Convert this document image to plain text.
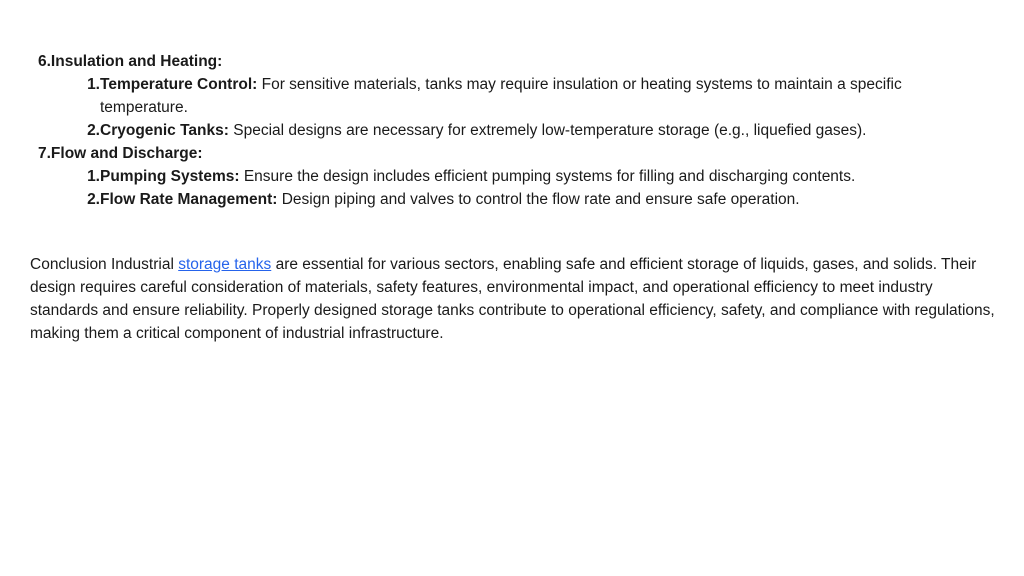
6.Insulation and Heating:
1. Temperature Control: For sensitive materials, tanks may require insulation or heating systems to maintain a specific temperature.
2. Cryogenic Tanks: Special designs are necessary for extremely low-temperature storage (e.g., liquefied gases).
7.Flow and Discharge:
1. Pumping Systems: Ensure the design includes efficient pumping systems for filling and discharging contents.
2. Flow Rate Management: Design piping and valves to control the flow rate and ensure safe operation.

Conclusion Industrial storage tanks are essential for various sectors, enabling safe and efficient storage of liquids, gases, and solids. Their design requires careful consideration of materials, safety features, environmental impact, and operational efficiency to meet industry standards and ensure reliability. Properly designed storage tanks contribute to operational efficiency, safety, and compliance with regulations, making them a critical component of industrial infrastructure.
